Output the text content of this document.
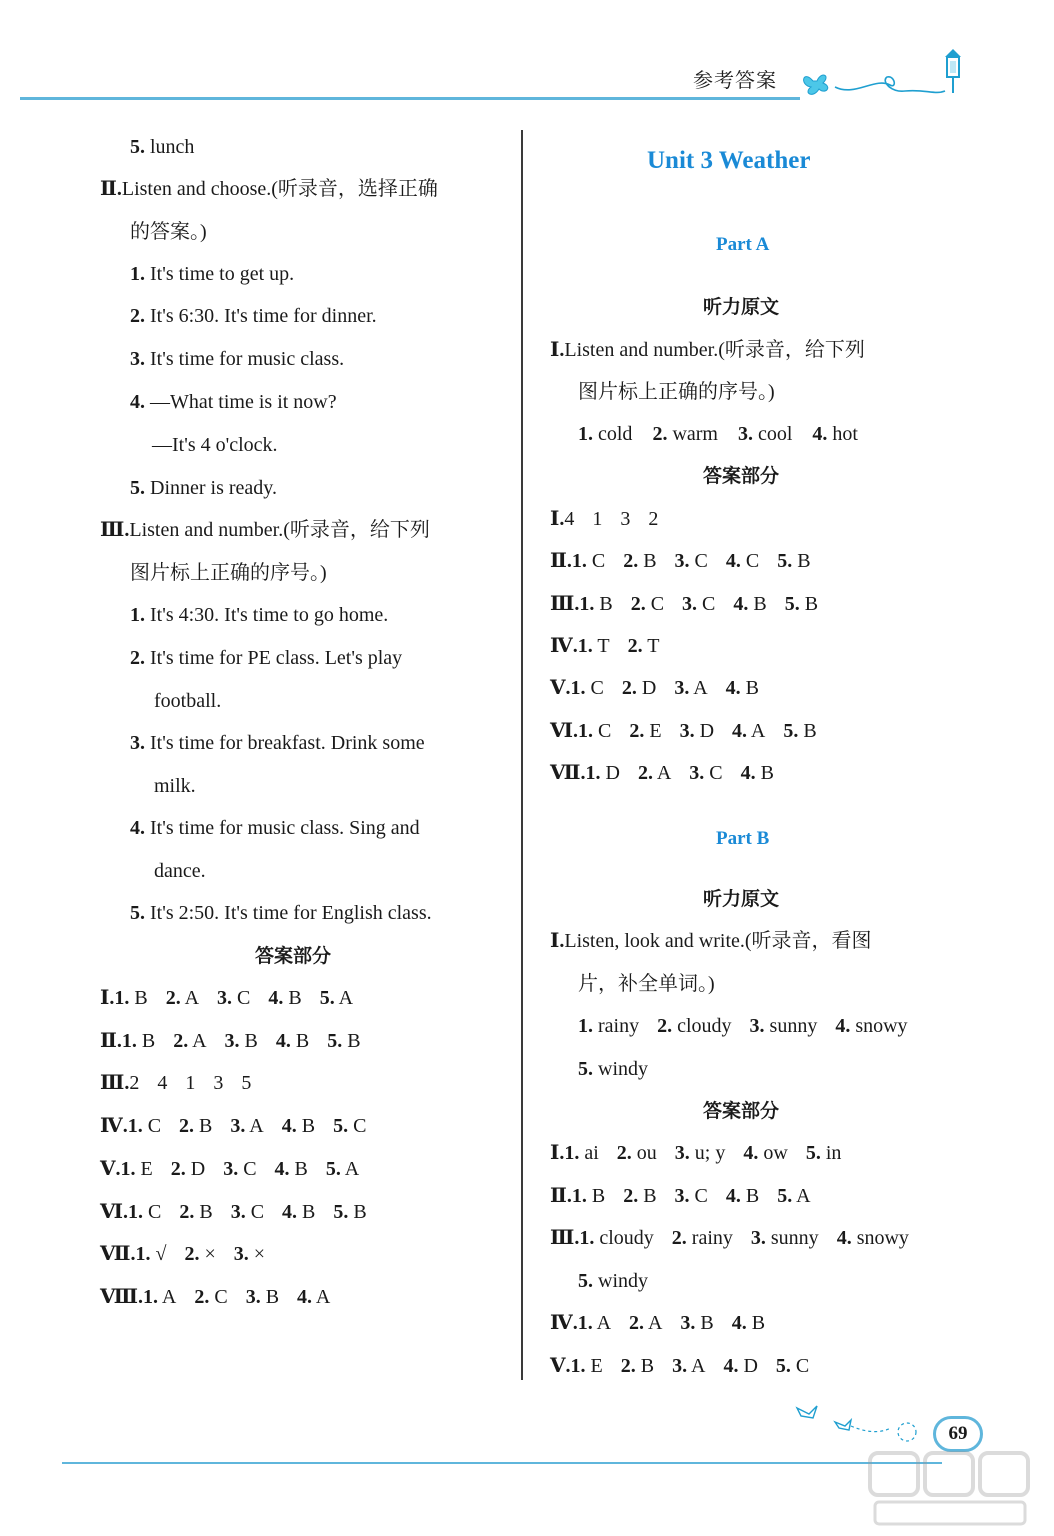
参考答案
5. lunch
Ⅱ.Listen and choose.(听录音，选择正确
的答案。)
1. It's time to get up.
2. It's 6:30. It's time for dinner.
3. It's time for music class.
4. —What time is it now?
—It's 4 o'clock.
5. Dinner is ready.
Ⅲ.Listen and number.(听录音，给下列
图片标上正确的序号。)
1. It's 4:30. It's time to go home.
2. It's time for PE class. Let's play
football.
3. It's time for breakfast. Drink some
milk.
4. It's time for music class. Sing and
dance.
5. It's 2:50. It's time for English class.
答案部分
Ⅰ.1. B 2. A 3. C 4. B 5. A
Ⅱ.1. B 2. A 3. B 4. B 5. B
Ⅲ.2 4 1 3 5
Ⅳ.1. C 2. B 3. A 4. B 5. C
Ⅴ.1. E 2. D 3. C 4. B 5. A
Ⅵ.1. C 2. B 3. C 4. B 5. B
Ⅶ.1. √ 2. × 3. ×
Ⅷ.1. A 2. C 3. B 4. A
Unit 3 Weather
Part A
听力原文
Ⅰ.Listen and number.(听录音，给下列
图片标上正确的序号。)
1. cold 2. warm 3. cool 4. hot
答案部分
Ⅰ.4 1 3 2
Ⅱ.1. C 2. B 3. C 4. C 5. B
Ⅲ.1. B 2. C 3. C 4. B 5. B
Ⅳ.1. T 2. T
Ⅴ.1. C 2. D 3. A 4. B
Ⅵ.1. C 2. E 3. D 4. A 5. B
Ⅶ.1. D 2. A 3. C 4. B
Part B
听力原文
Ⅰ.Listen, look and write.(听录音，看图
片，补全单词。)
1. rainy 2. cloudy 3. sunny 4. snowy
5. windy
答案部分
Ⅰ.1. ai 2. ou 3. u; y 4. ow 5. in
Ⅱ.1. B 2. B 3. C 4. B 5. A
Ⅲ.1. cloudy 2. rainy 3. sunny 4. snowy
5. windy
Ⅳ.1. A 2. A 3. B 4. B
Ⅴ.1. E 2. B 3. A 4. D 5. C
69
